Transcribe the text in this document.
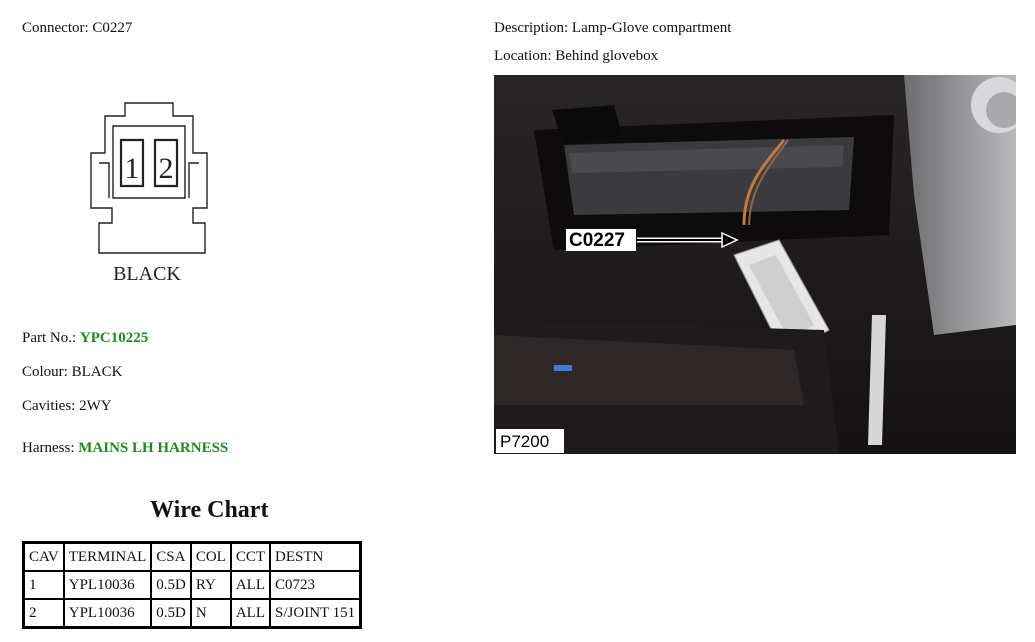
Connector: C0227
1 2
BLACK
Part No.: YPC10225
Colour: BLACK
Cavities: 2WY
Harness: MAINS LH HARNESS
Wire Chart
CAV	TERMINAL	CSA	COL	CCT	DESTN
1	YPL10036	0.5D	RY	ALL	C0723
2	YPL10036	0.5D	N	ALL	S/JOINT 151
Description: Lamp-Glove compartment
Location: Behind glovebox
C0227
P7200
